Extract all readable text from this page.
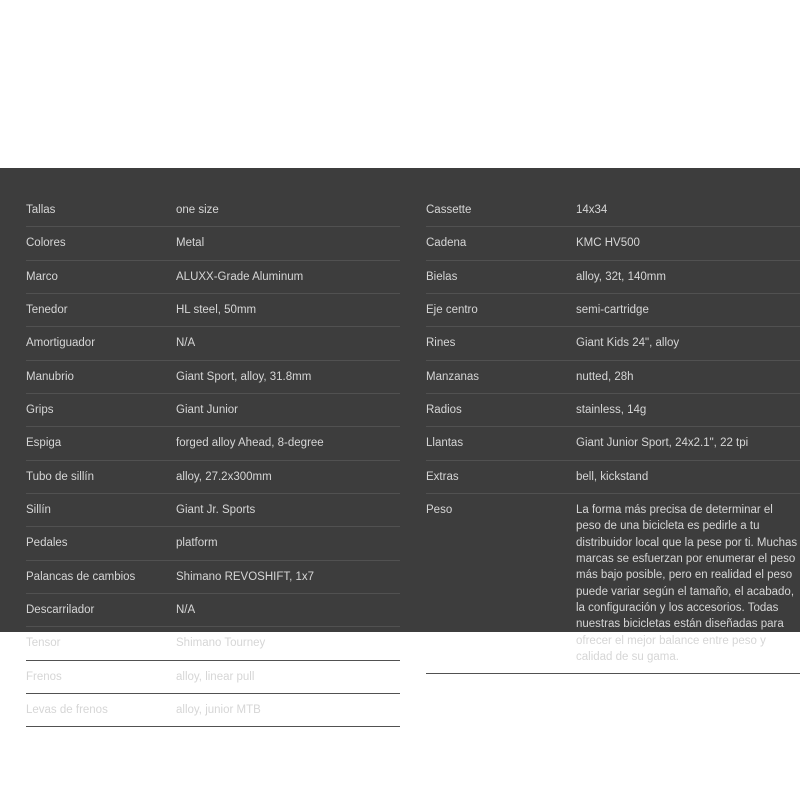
Tallas	one size
Colores	Metal
Marco	ALUXX-Grade Aluminum
Tenedor	HL steel, 50mm
Amortiguador	N/A
Manubrio	Giant Sport, alloy, 31.8mm
Grips	Giant Junior
Espiga	forged alloy Ahead, 8-degree
Tubo de sillín	alloy, 27.2x300mm
Sillín	Giant Jr. Sports
Pedales	platform
Palancas de cambios	Shimano REVOSHIFT, 1x7
Descarrilador	N/A
Tensor	Shimano Tourney
Frenos	alloy, linear pull
Levas de frenos	alloy, junior MTB
Cassette	14x34
Cadena	KMC HV500
Bielas	alloy, 32t, 140mm
Eje centro	semi-cartridge
Rines	Giant Kids 24", alloy
Manzanas	nutted, 28h
Radios	stainless, 14g
Llantas	Giant Junior Sport, 24x2.1", 22 tpi
Extras	bell, kickstand
Peso	La forma más precisa de determinar el peso de una bicicleta es pedirle a tu distribuidor local que la pese por ti. Muchas marcas se esfuerzan por enumerar el peso más bajo posible, pero en realidad el peso puede variar según el tamaño, el acabado, la configuración y los accesorios. Todas nuestras bicicletas están diseñadas para ofrecer el mejor balance entre peso y calidad de su gama.
